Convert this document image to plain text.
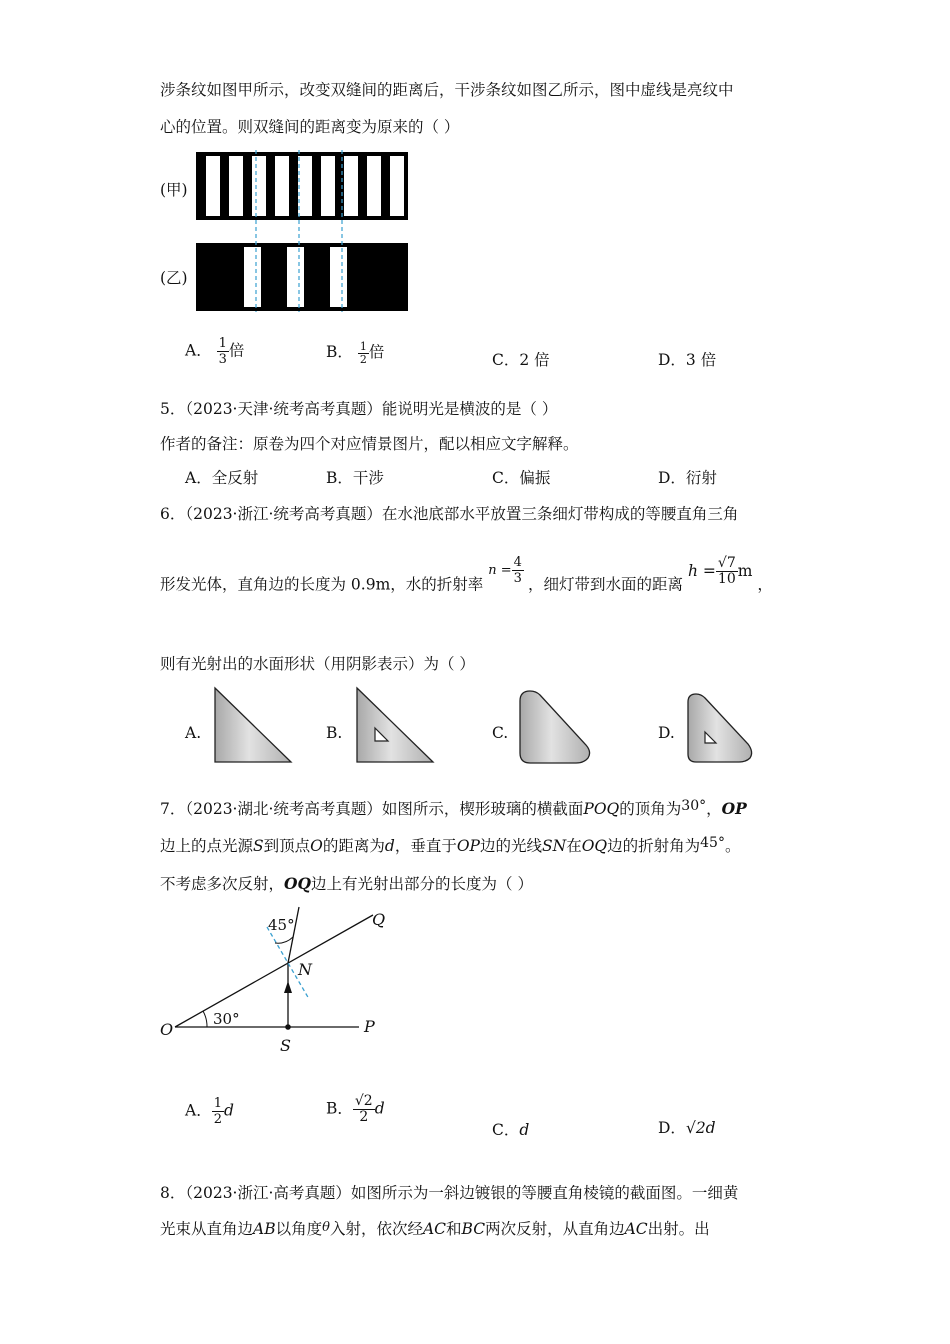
涉条纹如图甲所示，改变双缝间的距离后，干涉条纹如图乙所示，图中虚线是亮纹中
心的位置。则双缝间的距离变为原来的（ ）
(甲)
(乙)
A． $\frac{1}{3}$ 倍	B． $\frac{1}{2}$ 倍	C．2 倍	D．3 倍
5．（2023·天津·统考高考真题）能说明光是横波的是（ ）
作者的备注：原卷为四个对应情景图片，配以相应文字解释。
A．全反射	B．干涉	C．偏振	D．衍射
6．（2023·浙江·统考高考真题）在水池底部水平放置三条细灯带构成的等腰直角三角
形发光体，直角边的长度为 0.9m，水的折射率 $^{n = \frac{4}{3}}$ ，细灯带到水面的距离 $h = \frac{√7}{10}$ m ，
则有光射出的水面形状（用阴影表示）为（ ）
A.	B.	C.	D.
7．（2023·湖北·统考高考真题）如图所示，楔形玻璃的横截面POQ的顶角为30°，OP
边上的点光源S到顶点O的距离为d，垂直于OP边的光线SN在OQ边的折射角为45°。
不考虑多次反射，OQ边上有光射出部分的长度为（ ）
Q
45°
N
30°
O	P
S
A． $\frac{1}{2}$ d	B． $\frac{√2}{2}$ d
C．d	D．√2d
8．（2023·浙江·高考真题）如图所示为一斜边镀银的等腰直角棱镜的截面图。一细黄
光束从直角边AB以角度θ入射，依次经AC和BC两次反射，从直角边AC出射。出
